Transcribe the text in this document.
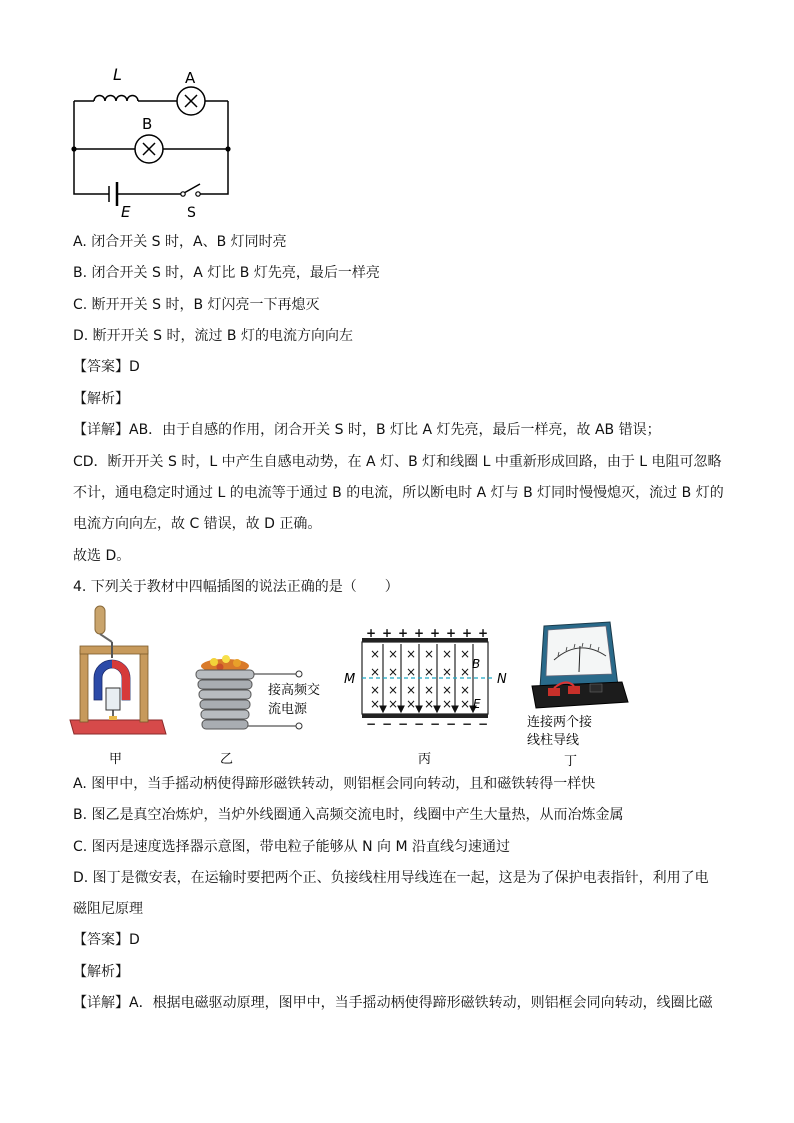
L	A
B
E	S
A. 闭合开关 S 时，A、B 灯同时亮
B. 闭合开关 S 时，A 灯比 B 灯先亮，最后一样亮
C. 断开开关 S 时，B 灯闪亮一下再熄灭
D. 断开开关 S 时，流过 B 灯的电流方向向左
【答案】D
【解析】
【详解】AB．由于自感的作用，闭合开关 S 时，B 灯比 A 灯先亮，最后一样亮，故 AB 错误；
CD．断开开关 S 时，L 中产生自感电动势，在 A 灯、B 灯和线圈 L 中重新形成回路，由于 L 电阻可忽略
不计，通电稳定时通过 L 的电流等于通过 B 的电流，所以断电时 A 灯与 B 灯同时慢慢熄灭，流过 B 灯的
电流方向向左，故 C 错误，故 D 正确。
故选 D。
4. 下列关于教材中四幅插图的说法正确的是（　　）
甲
接高频交
流电源
乙
×
×
×
×
×
×
×
×
×
×
×
×
×
×
×
×
×
×
×
×
×
×
×
×
+
−
+
−
+
−
+
−
+
−
+
−
+
−
+
−
M	N
B
E
丙
连接两个接
线柱导线
丁
A. 图甲中，当手摇动柄使得蹄形磁铁转动，则铝框会同向转动，且和磁铁转得一样快
B. 图乙是真空冶炼炉，当炉外线圈通入高频交流电时，线圈中产生大量热，从而冶炼金属
C. 图丙是速度选择器示意图，带电粒子能够从 N 向 M 沿直线匀速通过
D. 图丁是微安表，在运输时要把两个正、负接线柱用导线连在一起，这是为了保护电表指针，利用了电
磁阻尼原理
【答案】D
【解析】
【详解】A．根据电磁驱动原理，图甲中，当手摇动柄使得蹄形磁铁转动，则铝框会同向转动，线圈比磁
